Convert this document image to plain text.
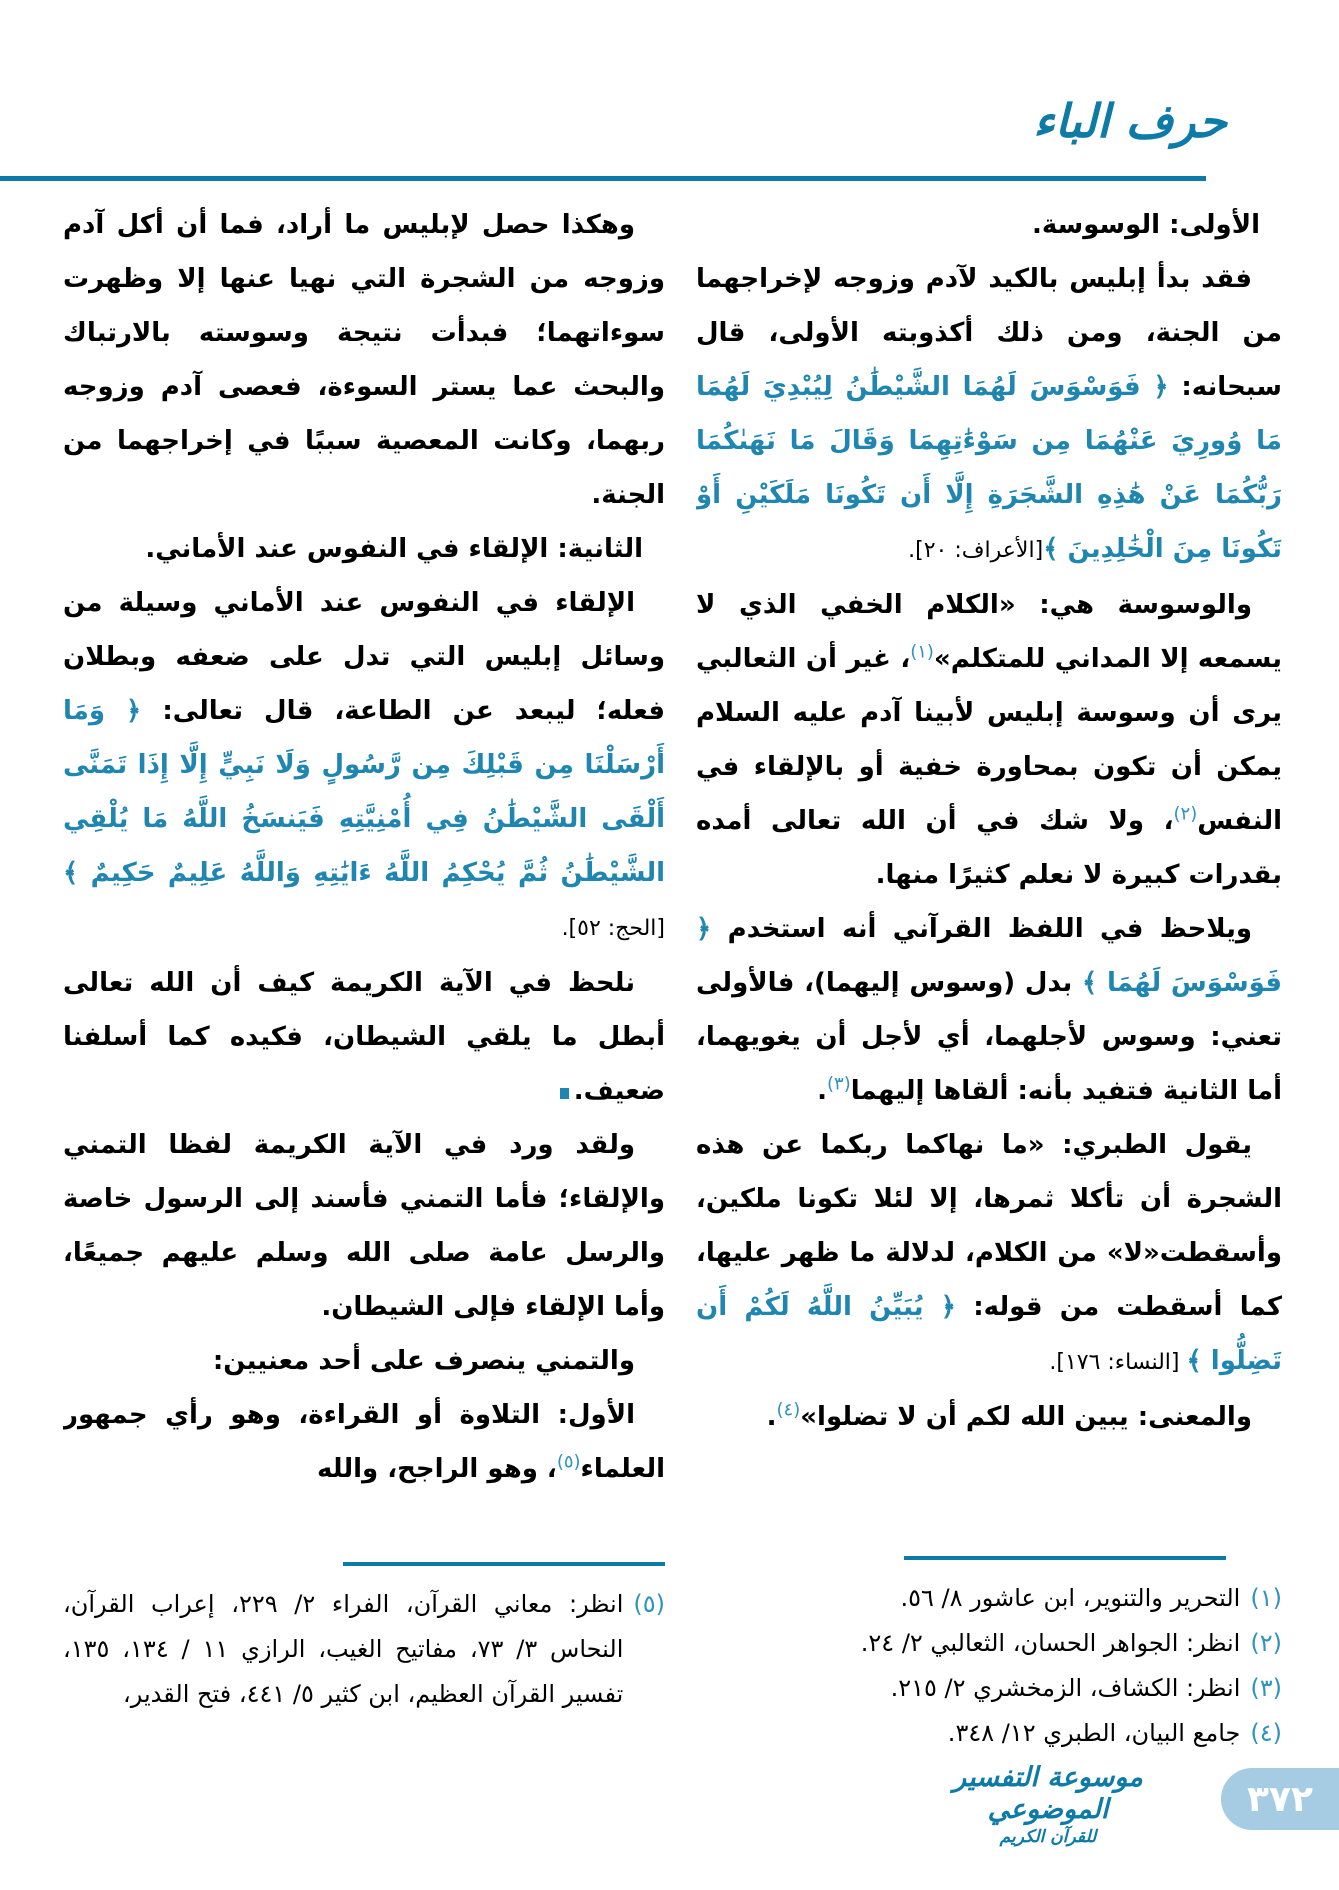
حرف الباء
الأولى: الوسوسة.

فقد بدأ إبليس بالكيد لآدم وزوجه لإخراجهما من الجنة، ومن ذلك أكذوبته الأولى، قال سبحانه: ﴿ فَوَسْوَسَ لَهُمَا الشَّيْطَٰنُ لِيُبْدِيَ لَهُمَا مَا وُورِيَ عَنْهُمَا مِن سَوْءَٰتِهِمَا وَقَالَ مَا نَهَىٰكُمَا رَبُّكُمَا عَنْ هَٰذِهِ الشَّجَرَةِ إِلَّا أَن تَكُونَا مَلَكَيْنِ أَوْ تَكُونَا مِنَ الْخَٰلِدِينَ ﴾[الأعراف: ٢٠].

والوسوسة هي: «الكلام الخفي الذي لا يسمعه إلا المداني للمتكلم»$^{(١)}$، غير أن الثعالبي يرى أن وسوسة إبليس لأبينا آدم عليه السلام يمكن أن تكون بمحاورة خفية أو بالإلقاء في النفس$^{(٢)}$، ولا شك في أن الله تعالى أمده بقدرات كبيرة لا نعلم كثيرًا منها.

ويلاحظ في اللفظ القرآني أنه استخدم ﴿ فَوَسْوَسَ لَهُمَا ﴾ بدل (وسوس إليهما)، فالأولى تعني: وسوس لأجلهما، أي لأجل أن يغويهما، أما الثانية فتفيد بأنه: ألقاها إليهما$^{(٣)}$.

يقول الطبري: «ما نهاكما ربكما عن هذه الشجرة أن تأكلا ثمرها، إلا لئلا تكونا ملكين، وأسقطت«لا» من الكلام، لدلالة ما ظهر عليها، كما أسقطت من قوله: ﴿ يُبَيِّنُ اللَّهُ لَكُمْ أَن تَضِلُّوا ﴾ [النساء: ١٧٦].

والمعنى: يبين الله لكم أن لا تضلوا»$^{(٤)}$.

وهكذا حصل لإبليس ما أراد، فما أن أكل آدم وزوجه من الشجرة التي نهيا عنها إلا وظهرت سوءاتهما؛ فبدأت نتيجة وسوسته بالارتباك والبحث عما يستر السوءة، فعصى آدم وزوجه ربهما، وكانت المعصية سببًا في إخراجهما من الجنة.

الثانية: الإلقاء في النفوس عند الأماني.

الإلقاء في النفوس عند الأماني وسيلة من وسائل إبليس التي تدل على ضعفه وبطلان فعله؛ ليبعد عن الطاعة، قال تعالى: ﴿ وَمَا أَرْسَلْنَا مِن قَبْلِكَ مِن رَّسُولٍ وَلَا نَبِيٍّ إِلَّا إِذَا تَمَنَّى أَلْقَى الشَّيْطَٰنُ فِي أُمْنِيَّتِهِ فَيَنسَخُ اللَّهُ مَا يُلْقِي الشَّيْطَٰنُ ثُمَّ يُحْكِمُ اللَّهُ ءَايَٰتِهِ وَاللَّهُ عَلِيمٌ حَكِيمٌ ﴾[الحج: ٥٢].

نلحظ في الآية الكريمة كيف أن الله تعالى أبطل ما يلقي الشيطان، فكيده كما أسلفنا ضعيف.

ولقد ورد في الآية الكريمة لفظا التمني والإلقاء؛ فأما التمني فأسند إلى الرسول خاصة والرسل عامة صلى الله وسلم عليهم جميعًا، وأما الإلقاء فإلى الشيطان.

والتمني ينصرف على أحد معنيين:

الأول: التلاوة أو القراءة، وهو رأي جمهور العلماء$^{(٥)}$، وهو الراجح، والله

(١)
التحرير والتنوير، ابن عاشور ٨/ ٥٦.
(٢)
انظر: الجواهر الحسان، الثعالبي ٢/ ٢٤.
(٣)
انظر: الكشاف، الزمخشري ٢/ ٢١٥.
(٤)
جامع البيان، الطبري ١٢/ ٣٤٨.
(٥)
انظر: معاني القرآن، الفراء ٢/ ٢٢٩، إعراب القرآن، النحاس ٣/ ٧٣، مفاتيح الغيب، الرازي ١١ / ١٣٤، ١٣٥، تفسير القرآن العظيم، ابن كثير ٥/ ٤٤١، فتح القدير،
موسوعة التفسير الموضوعي
للقرآن الكريم
٣٧٢
